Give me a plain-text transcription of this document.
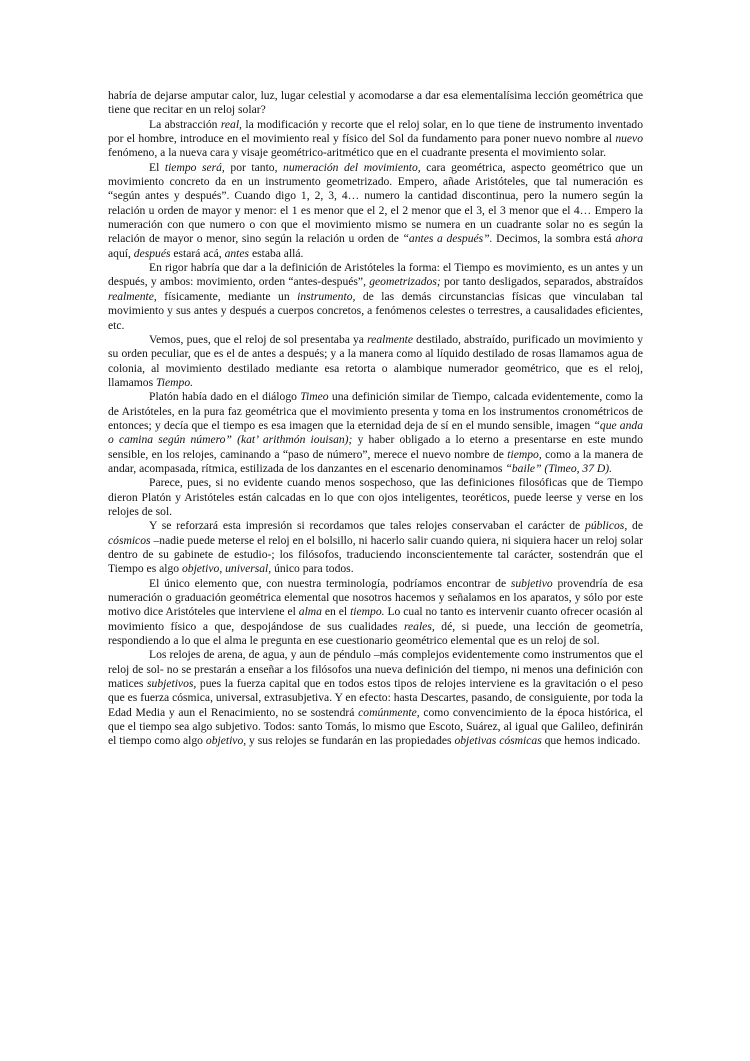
habría de dejarse amputar calor, luz, lugar celestial y acomodarse a dar esa elementalísima lección geométrica que tiene que recitar en un reloj solar?

La abstracción real, la modificación y recorte que el reloj solar, en lo que tiene de instrumento inventado por el hombre, introduce en el movimiento real y físico del Sol da fundamento para poner nuevo nombre al nuevo fenómeno, a la nueva cara y visaje geométrico-aritmético que en el cuadrante presenta el movimiento solar.

El tiempo será, por tanto, numeración del movimiento, cara geométrica, aspecto geométrico que un movimiento concreto da en un instrumento geometrizado. Empero, añade Aristóteles, que tal numeración es “según antes y después”. Cuando digo 1, 2, 3, 4… numero la cantidad discontinua, pero la numero según la relación u orden de mayor y menor: el 1 es menor que el 2, el 2 menor que el 3, el 3 menor que el 4… Empero la numeración con que numero o con que el movimiento mismo se numera en un cuadrante solar no es según la relación de mayor o menor, sino según la relación u orden de “antes a después”. Decimos, la sombra está ahora aquí, después estará acá, antes estaba allá.

En rigor habría que dar a la definición de Aristóteles la forma: el Tiempo es movimiento, es un antes y un después, y ambos: movimiento, orden “antes-después”, geometrizados; por tanto desligados, separados, abstraídos realmente, físicamente, mediante un instrumento, de las demás circunstancias físicas que vinculaban tal movimiento y sus antes y después a cuerpos concretos, a fenómenos celestes o terrestres, a causalidades eficientes, etc.

Vemos, pues, que el reloj de sol presentaba ya realmente destilado, abstraído, purificado un movimiento y su orden peculiar, que es el de antes a después; y a la manera como al líquido destilado de rosas llamamos agua de colonia, al movimiento destilado mediante esa retorta o alambique numerador geométrico, que es el reloj, llamamos Tiempo.

Platón había dado en el diálogo Timeo una definición similar de Tiempo, calcada evidentemente, como la de Aristóteles, en la pura faz geométrica que el movimiento presenta y toma en los instrumentos cronométricos de entonces; y decía que el tiempo es esa imagen que la eternidad deja de sí en el mundo sensible, imagen “que anda o camina según número” (kat’ arithmón iouisan); y haber obligado a lo eterno a presentarse en este mundo sensible, en los relojes, caminando a “paso de número”, merece el nuevo nombre de tiempo, como a la manera de andar, acompasada, rítmica, estilizada de los danzantes en el escenario denominamos “baile” (Timeo, 37 D).

Parece, pues, si no evidente cuando menos sospechoso, que las definiciones filosóficas que de Tiempo dieron Platón y Aristóteles están calcadas en lo que con ojos inteligentes, teoréticos, puede leerse y verse en los relojes de sol.

Y se reforzará esta impresión si recordamos que tales relojes conservaban el carácter de públicos, de cósmicos –nadie puede meterse el reloj en el bolsillo, ni hacerlo salir cuando quiera, ni siquiera hacer un reloj solar dentro de su gabinete de estudio-; los filósofos, traduciendo inconscientemente tal carácter, sostendrán que el Tiempo es algo objetivo, universal, único para todos.

El único elemento que, con nuestra terminología, podríamos encontrar de subjetivo provendría de esa numeración o graduación geométrica elemental que nosotros hacemos y señalamos en los aparatos, y sólo por este motivo dice Aristóteles que interviene el alma en el tiempo. Lo cual no tanto es intervenir cuanto ofrecer ocasión al movimiento físico a que, despojándose de sus cualidades reales, dé, si puede, una lección de geometría, respondiendo a lo que el alma le pregunta en ese cuestionario geométrico elemental que es un reloj de sol.

Los relojes de arena, de agua, y aun de péndulo –más complejos evidentemente como instrumentos que el reloj de sol- no se prestarán a enseñar a los filósofos una nueva definición del tiempo, ni menos una definición con matices subjetivos, pues la fuerza capital que en todos estos tipos de relojes interviene es la gravitación o el peso que es fuerza cósmica, universal, extrasubjetiva. Y en efecto: hasta Descartes, pasando, de consiguiente, por toda la Edad Media y aun el Renacimiento, no se sostendrá comúnmente, como convencimiento de la época histórica, el que el tiempo sea algo subjetivo. Todos: santo Tomás, lo mismo que Escoto, Suárez, al igual que Galileo, definirán el tiempo como algo objetivo, y sus relojes se fundarán en las propiedades objetivas cósmicas que hemos indicado.
